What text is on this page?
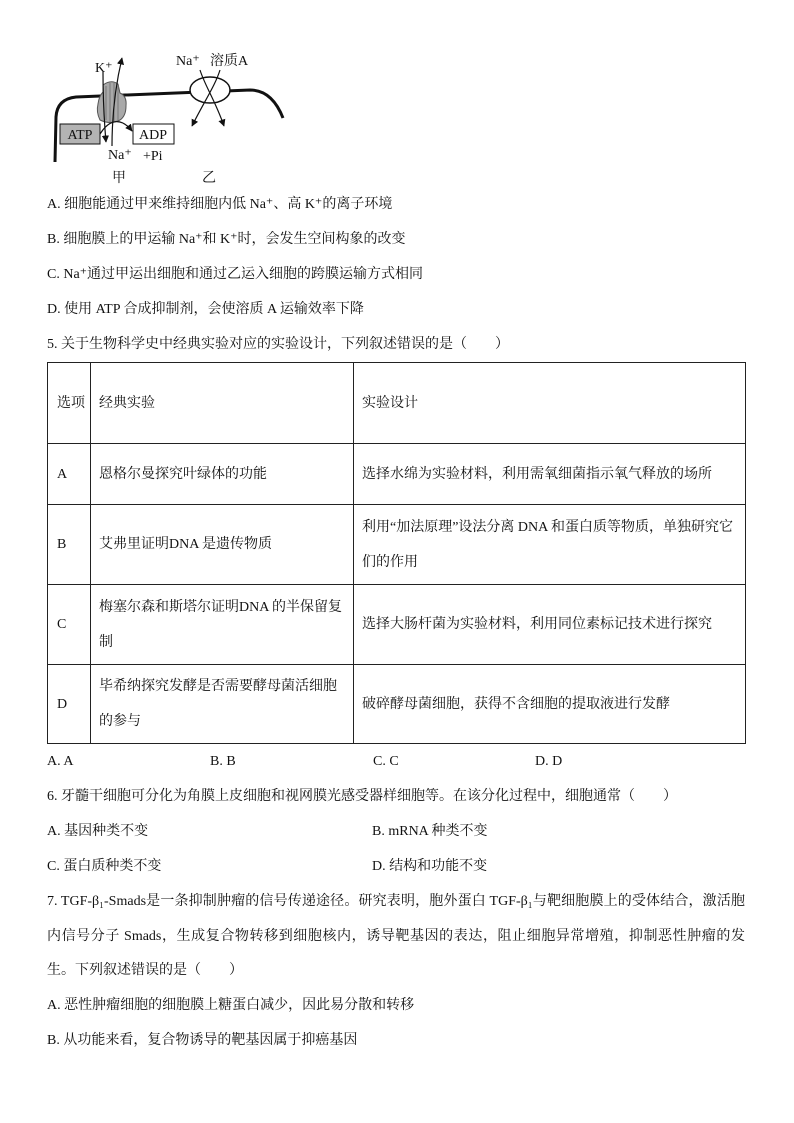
K⁺	Na⁺ 溶质A
ATP	ADP
Na⁺ +Pi
甲	乙
A. 细胞能通过甲来维持细胞内低 Na⁺、高 K⁺的离子环境
B. 细胞膜上的甲运输 Na⁺和 K⁺时，会发生空间构象的改变
C. Na⁺通过甲运出细胞和通过乙运入细胞的跨膜运输方式相同
D. 使用 ATP 合成抑制剂，会使溶质 A 运输效率下降
5. 关于生物科学史中经典实验对应的实验设计，下列叙述错误的是（　　）
选项	经典实验	实验设计
A	恩格尔曼探究叶绿体的功能	选择水绵为实验材料，利用需氧细菌指示氧气释放的场所
B	艾弗里证明DNA 是遗传物质	利用“加法原理”设法分离 DNA 和蛋白质等物质，单独研究它们的作用
C	梅塞尔森和斯塔尔证明DNA 的半保留复制	选择大肠杆菌为实验材料，利用同位素标记技术进行探究
D	毕希纳探究发酵是否需要酵母菌活细胞的参与	破碎酵母菌细胞，获得不含细胞的提取液进行发酵
A. A	B. B	C. C	D. D
6. 牙髓干细胞可分化为角膜上皮细胞和视网膜光感受器样细胞等。在该分化过程中，细胞通常（　　）
A. 基因种类不变	B. mRNA 种类不变
C. 蛋白质种类不变	D. 结构和功能不变
7. TGF-β₁-Smads是一条抑制肿瘤的信号传递途径。研究表明，胞外蛋白 TGF-β₁与靶细胞膜上的受体结合，激活胞
内信号分子 Smads，生成复合物转移到细胞核内，诱导靶基因的表达，阻止细胞异常增殖，抑制恶性肿瘤的发
生。下列叙述错误的是（　　）
A. 恶性肿瘤细胞的细胞膜上糖蛋白减少，因此易分散和转移
B. 从功能来看，复合物诱导的靶基因属于抑癌基因
